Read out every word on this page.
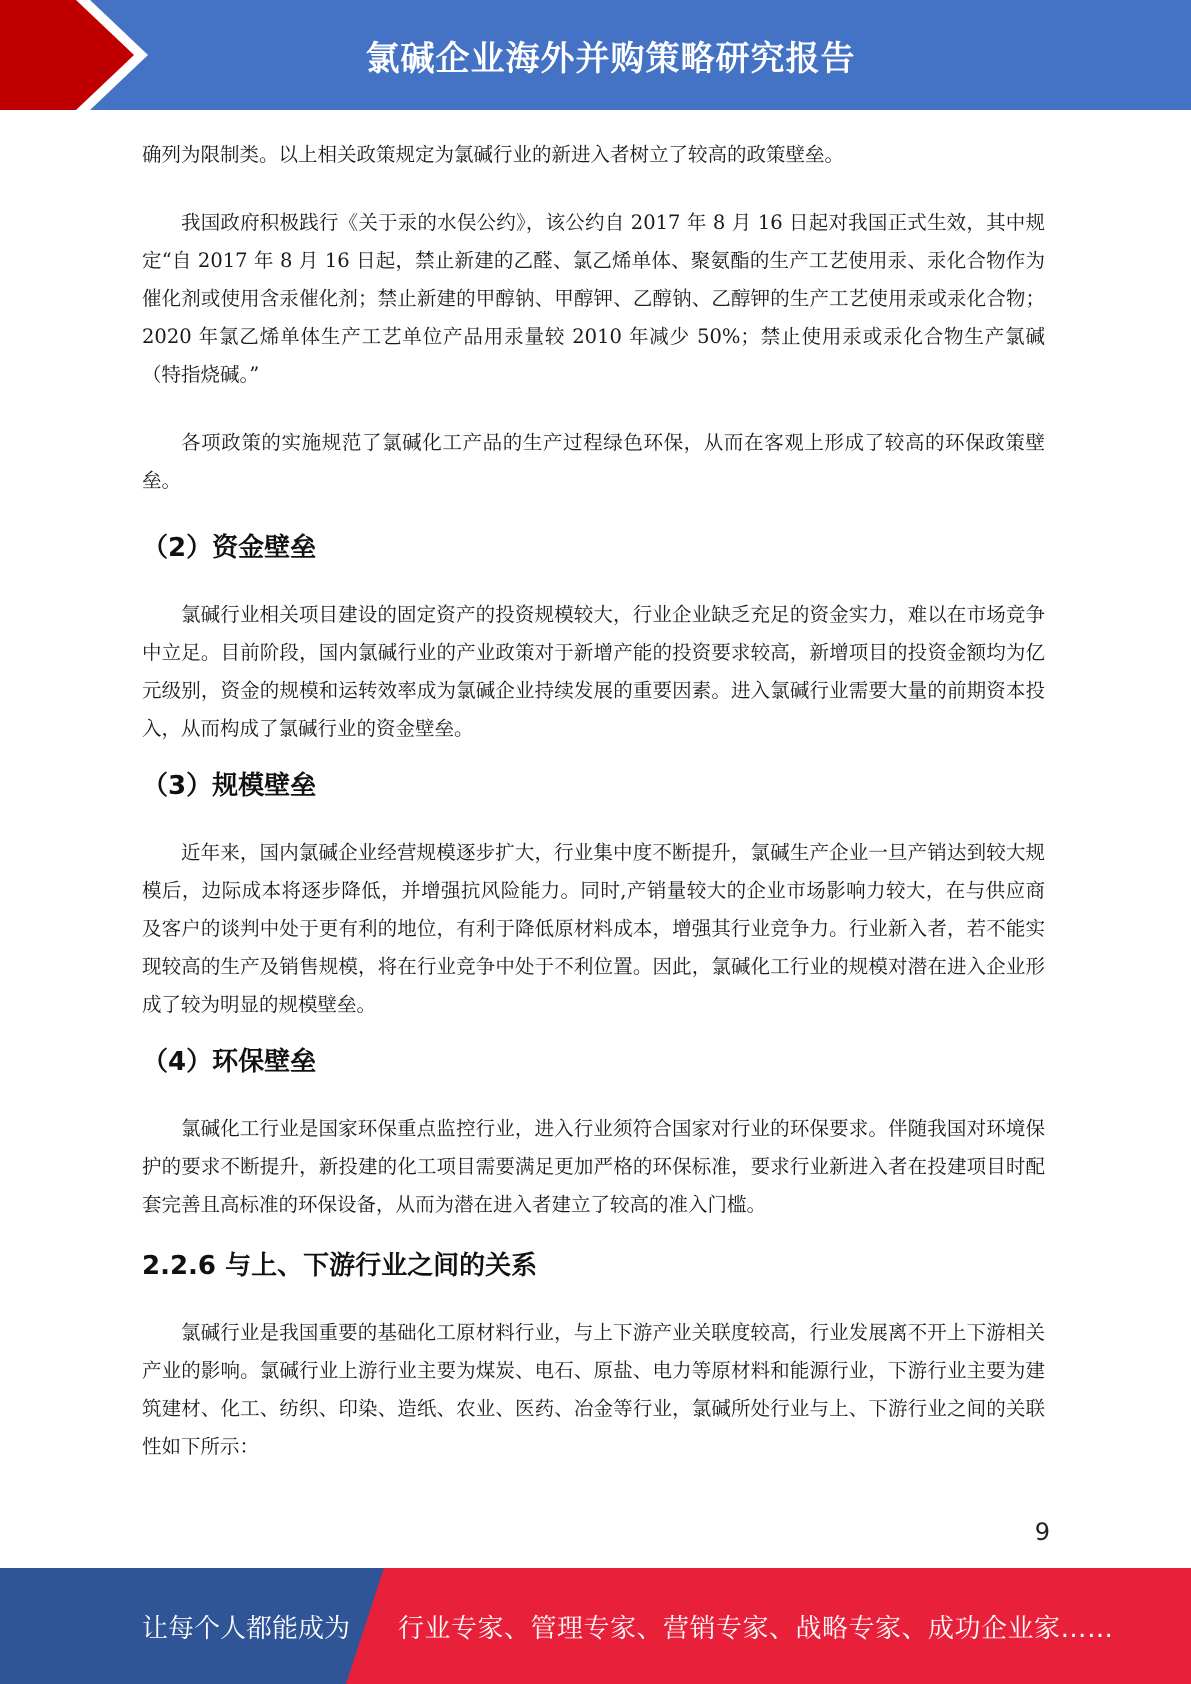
氯碱企业海外并购策略研究报告

确列为限制类。以上相关政策规定为氯碱行业的新进入者树立了较高的政策壁垒。

我国政府积极践行《关于汞的水俣公约》，该公约自 2017 年 8 月 16 日起对我国正式生效，其中规定“自 2017 年 8 月 16 日起，禁止新建的乙醛、氯乙烯单体、聚氨酯的生产工艺使用汞、汞化合物作为催化剂或使用含汞催化剂；禁止新建的甲醇钠、甲醇钾、乙醇钠、乙醇钾的生产工艺使用汞或汞化合物；2020 年氯乙烯单体生产工艺单位产品用汞量较 2010 年减少 50%；禁止使用汞或汞化合物生产氯碱（特指烧碱。”

各项政策的实施规范了氯碱化工产品的生产过程绿色环保，从而在客观上形成了较高的环保政策壁垒。

（2）资金壁垒

氯碱行业相关项目建设的固定资产的投资规模较大，行业企业缺乏充足的资金实力，难以在市场竞争中立足。目前阶段，国内氯碱行业的产业政策对于新增产能的投资要求较高，新增项目的投资金额均为亿元级别，资金的规模和运转效率成为氯碱企业持续发展的重要因素。进入氯碱行业需要大量的前期资本投入，从而构成了氯碱行业的资金壁垒。

（3）规模壁垒

近年来，国内氯碱企业经营规模逐步扩大，行业集中度不断提升，氯碱生产企业一旦产销达到较大规模后，边际成本将逐步降低，并增强抗风险能力。同时,产销量较大的企业市场影响力较大，在与供应商及客户的谈判中处于更有利的地位，有利于降低原材料成本，增强其行业竞争力。行业新入者，若不能实现较高的生产及销售规模，将在行业竞争中处于不利位置。因此，氯碱化工行业的规模对潜在进入企业形成了较为明显的规模壁垒。

（4）环保壁垒

氯碱化工行业是国家环保重点监控行业，进入行业须符合国家对行业的环保要求。伴随我国对环境保护的要求不断提升，新投建的化工项目需要满足更加严格的环保标准，要求行业新进入者在投建项目时配套完善且高标准的环保设备，从而为潜在进入者建立了较高的准入门槛。

2.2.6 与上、下游行业之间的关系

氯碱行业是我国重要的基础化工原材料行业，与上下游产业关联度较高，行业发展离不开上下游相关产业的影响。氯碱行业上游行业主要为煤炭、电石、原盐、电力等原材料和能源行业，下游行业主要为建筑建材、化工、纺织、印染、造纸、农业、医药、冶金等行业，氯碱所处行业与上、下游行业之间的关联性如下所示：

9
让每个人都能成为 行业专家、管理专家、营销专家、战略专家、成功企业家……
